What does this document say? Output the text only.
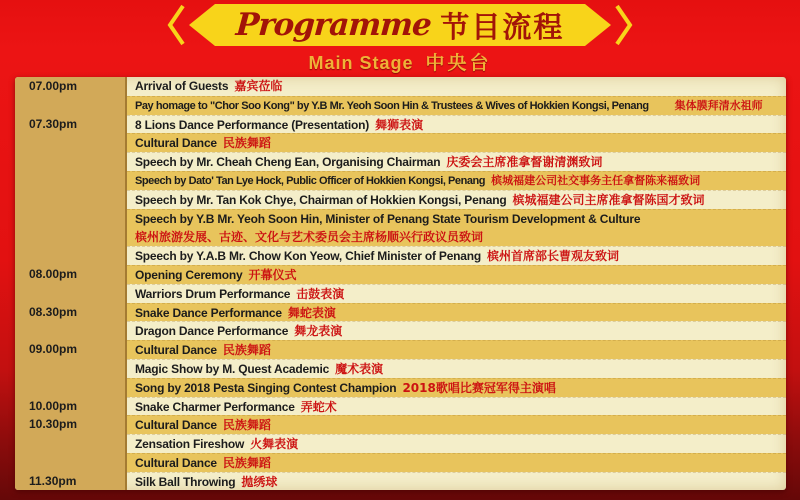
Programme 节目流程
Main Stage 中央台
07.00pm	Arrival of Guests 嘉宾莅临
Pay homage to "Chor Soo Kong" by Y.B Mr. Yeoh Soon Hin & Trustees & Wives of Hokkien Kongsi, Penang 集体膜拜清水祖师
07.30pm	8 Lions Dance Performance (Presentation) 舞狮表演
Cultural Dance 民族舞蹈
Speech by Mr. Cheah Cheng Ean, Organising Chairman 庆委会主席准拿督谢清渊致词
Speech by Dato' Tan Lye Hock, Public Officer of Hokkien Kongsi, Penang 槟城福建公司社交事务主任拿督陈来福致词
Speech by Mr. Tan Kok Chye, Chairman of Hokkien Kongsi, Penang 槟城福建公司主席准拿督陈国才致词
Speech by Y.B Mr. Yeoh Soon Hin, Minister of Penang State Tourism Development & Culture
槟州旅游发展、古迹、文化与艺术委员会主席杨顺兴行政议员致词
Speech by Y.A.B Mr. Chow Kon Yeow, Chief Minister of Penang 槟州首席部长曹观友致词
08.00pm	Opening Ceremony 开幕仪式
Warriors Drum Performance 击鼓表演
08.30pm	Snake Dance Performance 舞蛇表演
Dragon Dance Performance 舞龙表演
09.00pm	Cultural Dance 民族舞蹈
Magic Show by M. Quest Academic 魔术表演
Song by 2018 Pesta Singing Contest Champion 2018歌唱比赛冠军得主演唱
10.00pm	Snake Charmer Performance 弄蛇术
10.30pm	Cultural Dance 民族舞蹈
Zensation Fireshow 火舞表演
Cultural Dance 民族舞蹈
11.30pm	Silk Ball Throwing 拋绣球
